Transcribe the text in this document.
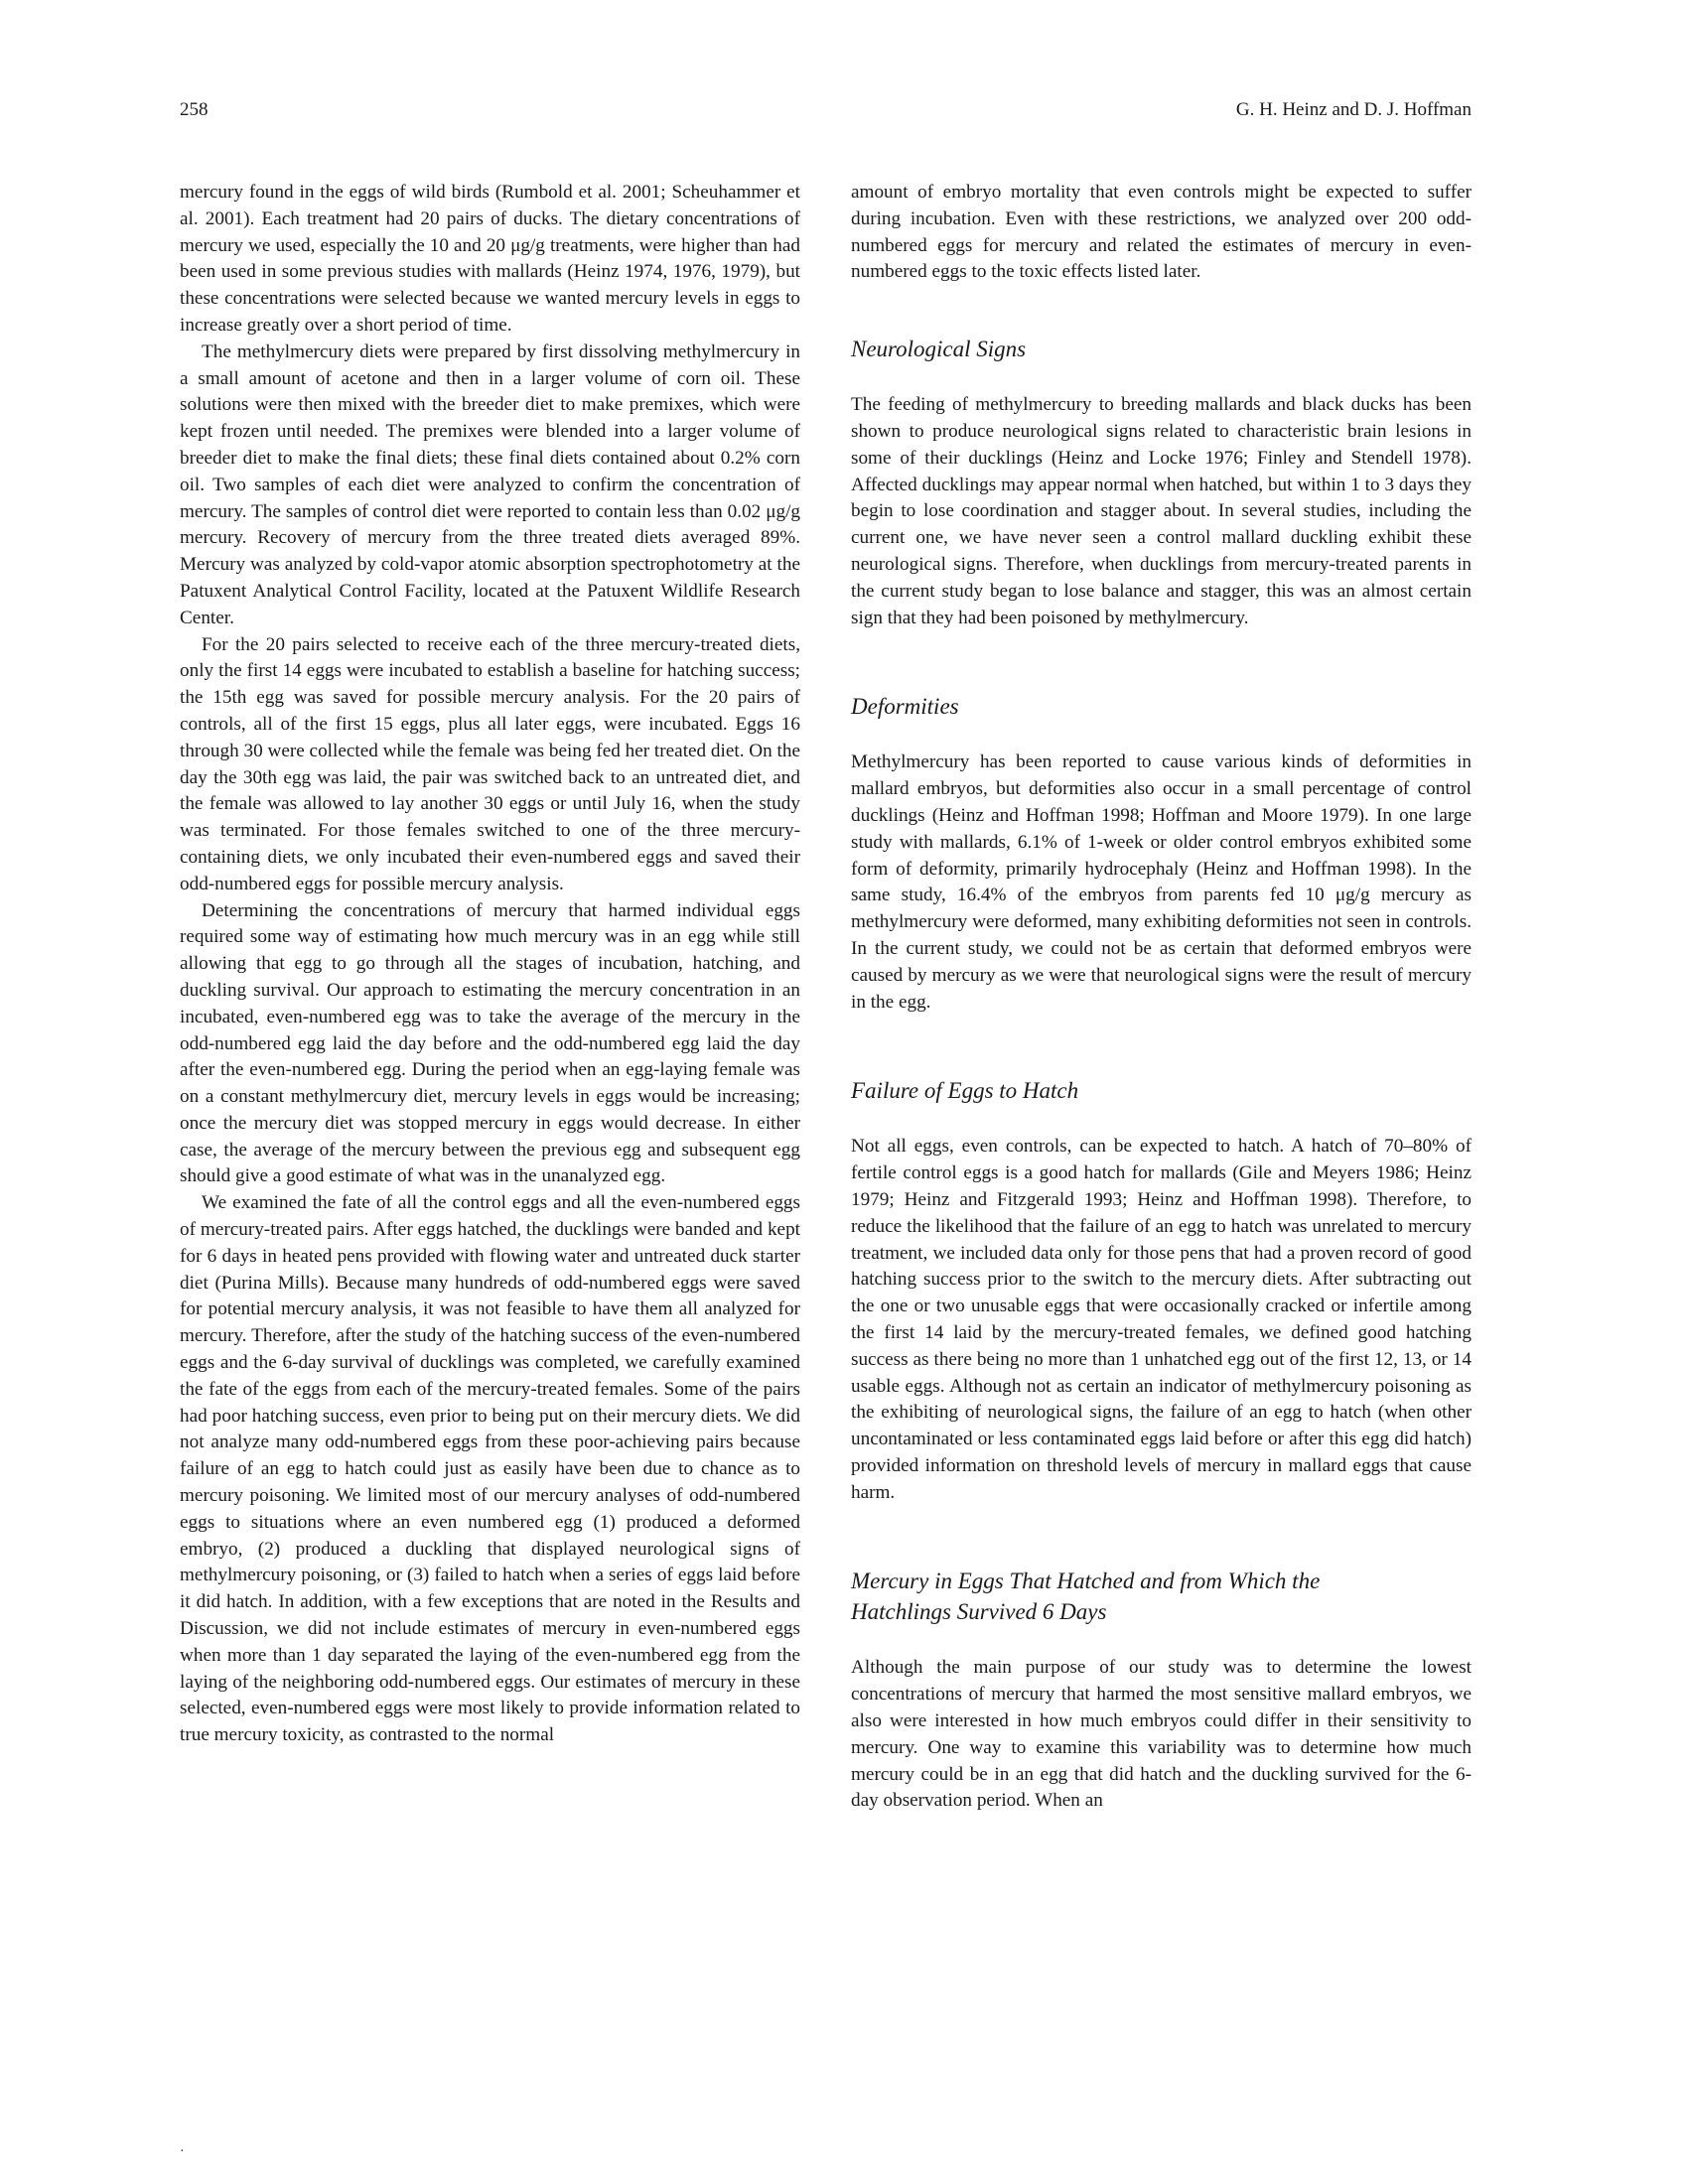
258	G. H. Heinz and D. J. Hoffman

mercury found in the eggs of wild birds (Rumbold et al. 2001; Scheuhammer et al. 2001). Each treatment had 20 pairs of ducks. The dietary concentrations of mercury we used, especially the 10 and 20 μg/g treatments, were higher than had been used in some previous studies with mallards (Heinz 1974, 1976, 1979), but these concentrations were selected because we wanted mercury levels in eggs to increase greatly over a short period of time.

The methylmercury diets were prepared by first dissolving methylmercury in a small amount of acetone and then in a larger volume of corn oil. These solutions were then mixed with the breeder diet to make premixes, which were kept frozen until needed. The premixes were blended into a larger volume of breeder diet to make the final diets; these final diets contained about 0.2% corn oil. Two samples of each diet were analyzed to confirm the concentration of mercury. The samples of control diet were reported to contain less than 0.02 μg/g mercury. Recovery of mercury from the three treated diets averaged 89%. Mercury was analyzed by cold-vapor atomic absorption spectrophotometry at the Patuxent Analytical Control Facility, located at the Patuxent Wildlife Research Center.

For the 20 pairs selected to receive each of the three mercury-treated diets, only the first 14 eggs were incubated to establish a baseline for hatching success; the 15th egg was saved for possible mercury analysis. For the 20 pairs of controls, all of the first 15 eggs, plus all later eggs, were incubated. Eggs 16 through 30 were collected while the female was being fed her treated diet. On the day the 30th egg was laid, the pair was switched back to an untreated diet, and the female was allowed to lay another 30 eggs or until July 16, when the study was terminated. For those females switched to one of the three mercury-containing diets, we only incubated their even-numbered eggs and saved their odd-numbered eggs for possible mercury analysis.

Determining the concentrations of mercury that harmed individual eggs required some way of estimating how much mercury was in an egg while still allowing that egg to go through all the stages of incubation, hatching, and duckling survival. Our approach to estimating the mercury concentration in an incubated, even-numbered egg was to take the average of the mercury in the odd-numbered egg laid the day before and the odd-numbered egg laid the day after the even-numbered egg. During the period when an egg-laying female was on a constant methylmercury diet, mercury levels in eggs would be increasing; once the mercury diet was stopped mercury in eggs would decrease. In either case, the average of the mercury between the previous egg and subsequent egg should give a good estimate of what was in the unanalyzed egg.

We examined the fate of all the control eggs and all the even-numbered eggs of mercury-treated pairs. After eggs hatched, the ducklings were banded and kept for 6 days in heated pens provided with flowing water and untreated duck starter diet (Purina Mills). Because many hundreds of odd-numbered eggs were saved for potential mercury analysis, it was not feasible to have them all analyzed for mercury. Therefore, after the study of the hatching success of the even-numbered eggs and the 6-day survival of ducklings was completed, we carefully examined the fate of the eggs from each of the mercury-treated females. Some of the pairs had poor hatching success, even prior to being put on their mercury diets. We did not analyze many odd-numbered eggs from these poor-achieving pairs because failure of an egg to hatch could just as easily have been due to chance as to mercury poisoning. We limited most of our mercury analyses of odd-numbered eggs to situations where an even numbered egg (1) produced a deformed embryo, (2) produced a duckling that displayed neurological signs of methylmercury poisoning, or (3) failed to hatch when a series of eggs laid before it did hatch. In addition, with a few exceptions that are noted in the Results and Discussion, we did not include estimates of mercury in even-numbered eggs when more than 1 day separated the laying of the even-numbered egg from the laying of the neighboring odd-numbered eggs. Our estimates of mercury in these selected, even-numbered eggs were most likely to provide information related to true mercury toxicity, as contrasted to the normal

amount of embryo mortality that even controls might be expected to suffer during incubation. Even with these restrictions, we analyzed over 200 odd-numbered eggs for mercury and related the estimates of mercury in even-numbered eggs to the toxic effects listed later.

Neurological Signs

The feeding of methylmercury to breeding mallards and black ducks has been shown to produce neurological signs related to characteristic brain lesions in some of their ducklings (Heinz and Locke 1976; Finley and Stendell 1978). Affected ducklings may appear normal when hatched, but within 1 to 3 days they begin to lose coordination and stagger about. In several studies, including the current one, we have never seen a control mallard duckling exhibit these neurological signs. Therefore, when ducklings from mercury-treated parents in the current study began to lose balance and stagger, this was an almost certain sign that they had been poisoned by methylmercury.

Deformities

Methylmercury has been reported to cause various kinds of deformities in mallard embryos, but deformities also occur in a small percentage of control ducklings (Heinz and Hoffman 1998; Hoffman and Moore 1979). In one large study with mallards, 6.1% of 1-week or older control embryos exhibited some form of deformity, primarily hydrocephaly (Heinz and Hoffman 1998). In the same study, 16.4% of the embryos from parents fed 10 μg/g mercury as methylmercury were deformed, many exhibiting deformities not seen in controls. In the current study, we could not be as certain that deformed embryos were caused by mercury as we were that neurological signs were the result of mercury in the egg.

Failure of Eggs to Hatch

Not all eggs, even controls, can be expected to hatch. A hatch of 70–80% of fertile control eggs is a good hatch for mallards (Gile and Meyers 1986; Heinz 1979; Heinz and Fitzgerald 1993; Heinz and Hoffman 1998). Therefore, to reduce the likelihood that the failure of an egg to hatch was unrelated to mercury treatment, we included data only for those pens that had a proven record of good hatching success prior to the switch to the mercury diets. After subtracting out the one or two unusable eggs that were occasionally cracked or infertile among the first 14 laid by the mercury-treated females, we defined good hatching success as there being no more than 1 unhatched egg out of the first 12, 13, or 14 usable eggs. Although not as certain an indicator of methylmercury poisoning as the exhibiting of neurological signs, the failure of an egg to hatch (when other uncontaminated or less contaminated eggs laid before or after this egg did hatch) provided information on threshold levels of mercury in mallard eggs that cause harm.

Mercury in Eggs That Hatched and from Which the
Hatchlings Survived 6 Days

Although the main purpose of our study was to determine the lowest concentrations of mercury that harmed the most sensitive mallard embryos, we also were interested in how much embryos could differ in their sensitivity to mercury. One way to examine this variability was to determine how much mercury could be in an egg that did hatch and the duckling survived for the 6-day observation period. When an

·
